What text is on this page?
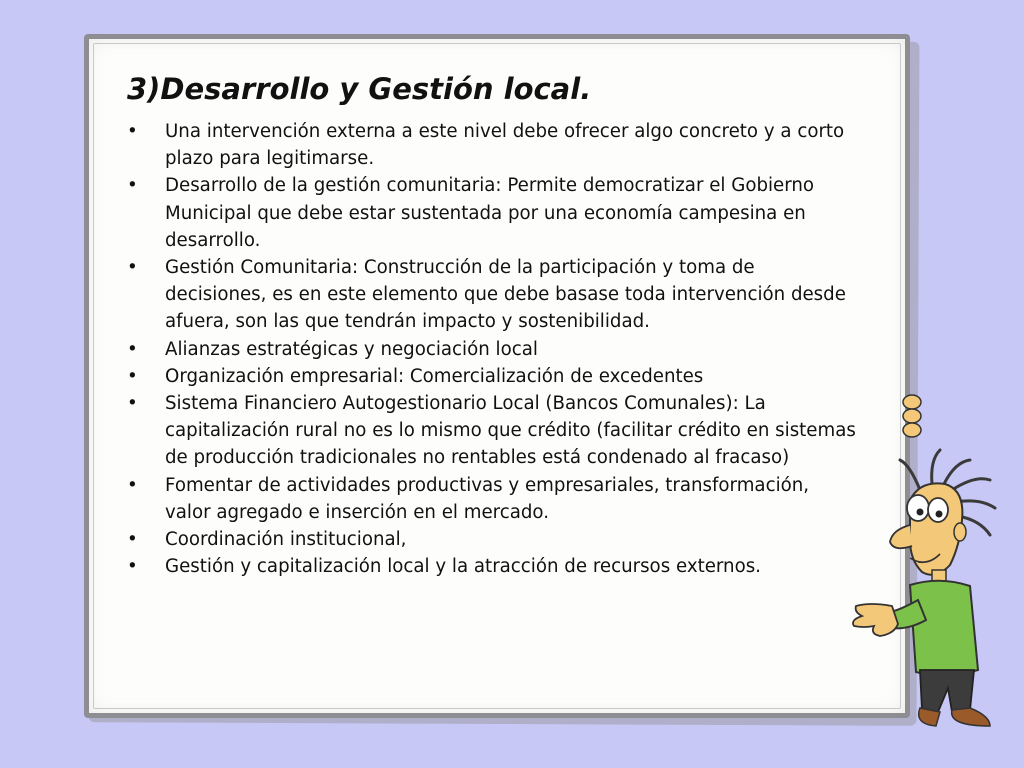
3)Desarrollo y Gestión local.
• Una intervención externa a este nivel debe ofrecer algo concreto y a corto plazo para legitimarse.
• Desarrollo de la gestión comunitaria: Permite democratizar el Gobierno Municipal que debe estar sustentada por una economía campesina en desarrollo.
• Gestión Comunitaria: Construcción de la participación y toma de decisiones, es en este elemento que debe basase toda intervención desde afuera, son las que tendrán impacto y sostenibilidad.
• Alianzas estratégicas y negociación local
• Organización empresarial: Comercialización de excedentes
• Sistema Financiero Autogestionario Local (Bancos Comunales): La capitalización rural no es lo mismo que crédito (facilitar crédito en sistemas de producción tradicionales no rentables está condenado al fracaso)
• Fomentar de actividades productivas y empresariales, transformación, valor agregado e inserción en el mercado.
• Coordinación institucional,
• Gestión y capitalización local y la atracción de recursos externos.
